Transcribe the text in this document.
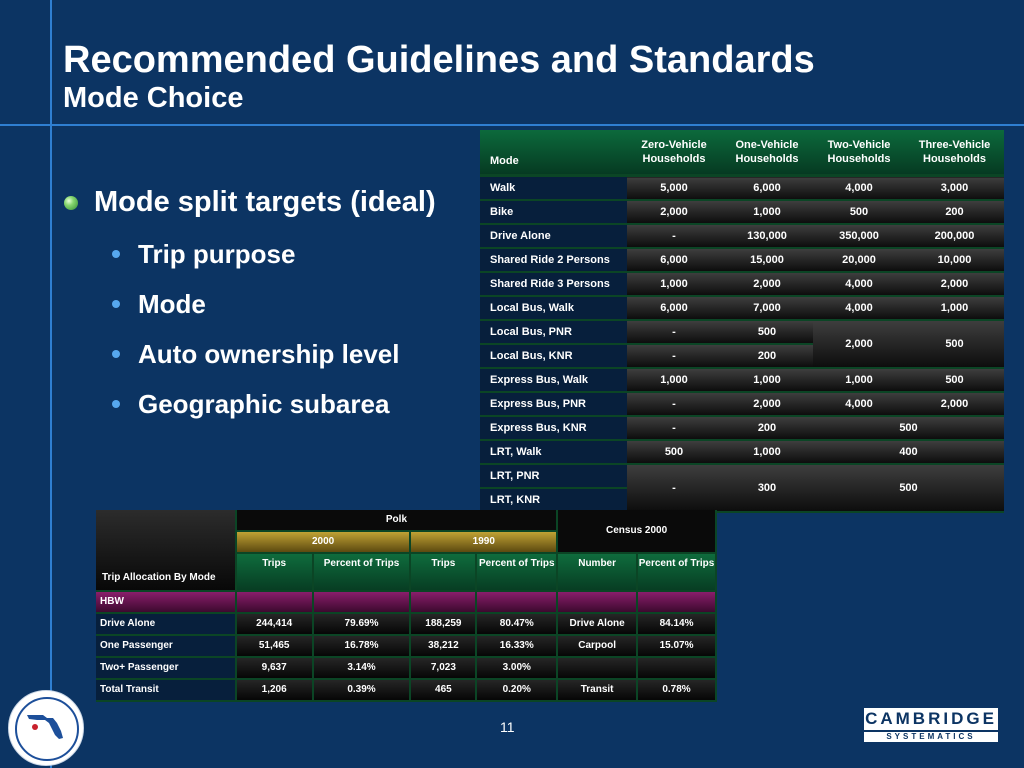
Recommended Guidelines and Standards
Mode Choice
Mode split targets (ideal)
Trip purpose
Mode
Auto ownership level
Geographic subarea
Mode	Zero-Vehicle Households	One-Vehicle Households	Two-Vehicle Households	Three-Vehicle Households
Walk	5,000	6,000	4,000	3,000
Bike	2,000	1,000	500	200
Drive Alone	-	130,000	350,000	200,000
Shared Ride 2 Persons	6,000	15,000	20,000	10,000
Shared Ride 3 Persons	1,000	2,000	4,000	2,000
Local Bus, Walk	6,000	7,000	4,000	1,000
Local Bus, PNR	-	500	2,000	500
Local Bus, KNR	-	200		
Express Bus, Walk	1,000	1,000	1,000	500
Express Bus, PNR	-	2,000	4,000	2,000
Express Bus, KNR	-	200	500	
LRT, Walk	500	1,000	400	
LRT, PNR	-	300	500	
LRT, KNR				
Trip Allocation By Mode	Polk				Census 2000	
	2000		1990			
	Trips	Percent of Trips	Trips	Percent of Trips	Number	Percent of Trips
HBW						
Drive Alone	244,414	79.69%	188,259	80.47%	Drive Alone	84.14%
One Passenger	51,465	16.78%	38,212	16.33%	Carpool	15.07%
Two+ Passenger	9,637	3.14%	7,023	3.00%		
Total Transit	1,206	0.39%	465	0.20%	Transit	0.78%
11	CAMBRIDGE
SYSTEMATICS
